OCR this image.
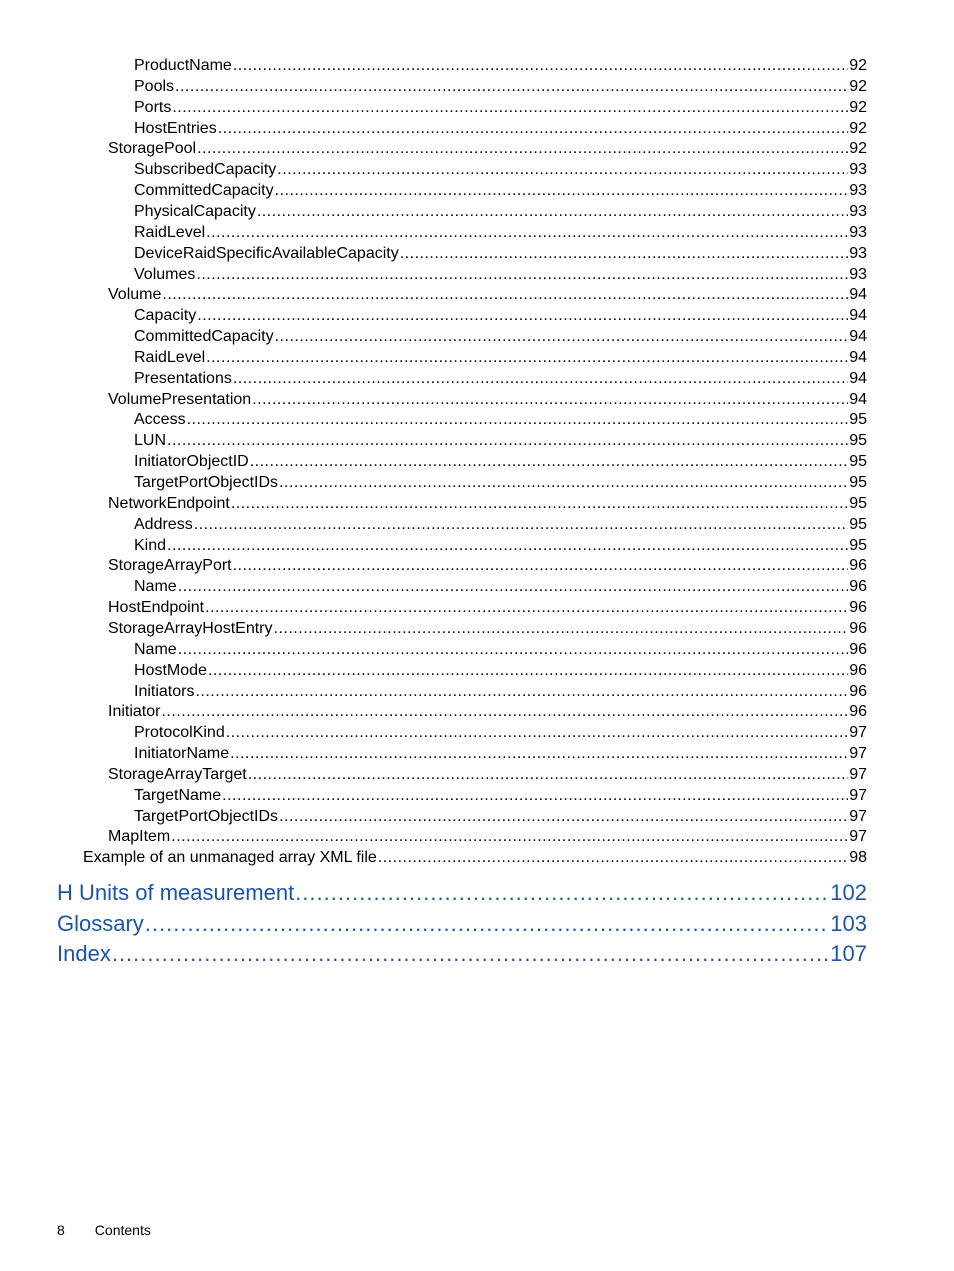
ProductName .....	92
Pools .....	92
Ports .....	92
HostEntries .....	92
StoragePool .....	92
SubscribedCapacity .....	93
CommittedCapacity .....	93
PhysicalCapacity .....	93
RaidLevel .....	93
DeviceRaidSpecificAvailableCapacity .....	93
Volumes .....	93
Volume .....	94
Capacity .....	94
CommittedCapacity .....	94
RaidLevel .....	94
Presentations .....	94
VolumePresentation .....	94
Access .....	95
LUN .....	95
InitiatorObjectID .....	95
TargetPortObjectIDs .....	95
NetworkEndpoint .....	95
Address .....	95
Kind .....	95
StorageArrayPort .....	96
Name .....	96
HostEndpoint .....	96
StorageArrayHostEntry .....	96
Name .....	96
HostMode .....	96
Initiators .....	96
Initiator .....	96
ProtocolKind .....	97
InitiatorName .....	97
StorageArrayTarget .....	97
TargetName .....	97
TargetPortObjectIDs .....	97
MapItem .....	97
Example of an unmanaged array XML file .....	98
H Units of measurement .....	102
Glossary .....	103
Index .....	107
8 Contents
